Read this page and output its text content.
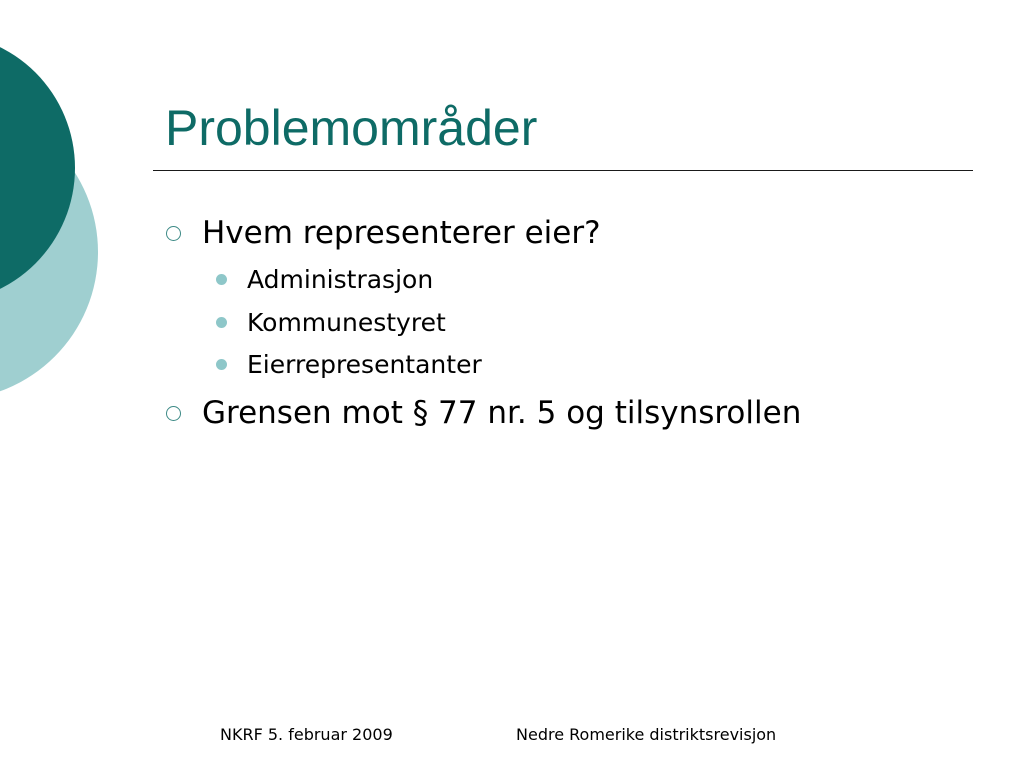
Problemområder
Hvem representerer eier?
Administrasjon
Kommunestyret
Eierrepresentanter
Grensen mot § 77 nr. 5 og tilsynsrollen
NKRF 5. februar 2009	Nedre Romerike distriktsrevisjon
